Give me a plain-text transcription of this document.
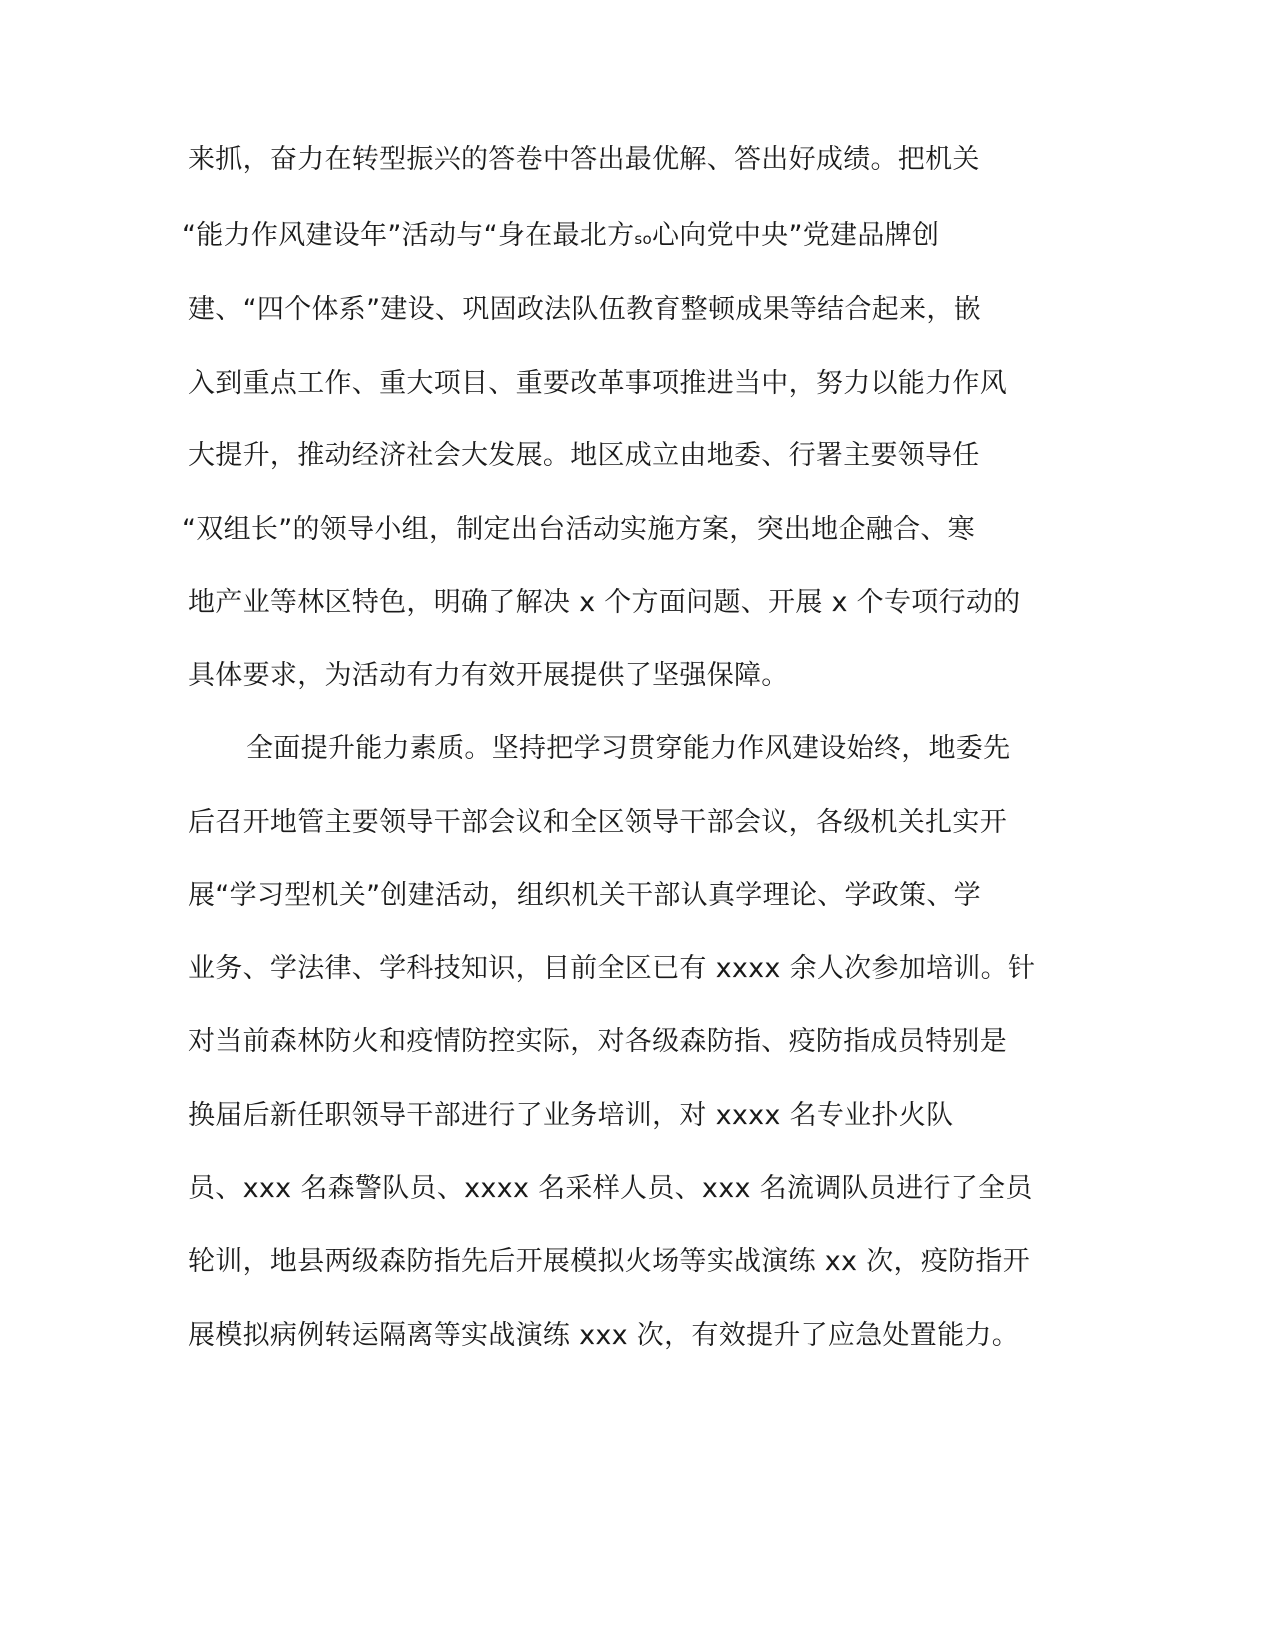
来抓，奋力在转型振兴的答卷中答出最优解、答出好成绩。把机关
“能力作风建设年”活动与“身在最北方so心向党中央”党建品牌创
建、“四个体系”建设、巩固政法队伍教育整顿成果等结合起来，嵌
入到重点工作、重大项目、重要改革事项推进当中，努力以能力作风
大提升，推动经济社会大发展。地区成立由地委、行署主要领导任
“双组长”的领导小组，制定出台活动实施方案，突出地企融合、寒
地产业等林区特色，明确了解决 x 个方面问题、开展 x 个专项行动的
具体要求，为活动有力有效开展提供了坚强保障。
全面提升能力素质。坚持把学习贯穿能力作风建设始终，地委先
后召开地管主要领导干部会议和全区领导干部会议，各级机关扎实开
展“学习型机关”创建活动，组织机关干部认真学理论、学政策、学
业务、学法律、学科技知识，目前全区已有 xxxx 余人次参加培训。针
对当前森林防火和疫情防控实际，对各级森防指、疫防指成员特别是
换届后新任职领导干部进行了业务培训，对 xxxx 名专业扑火队
员、xxx 名森警队员、xxxx 名采样人员、xxx 名流调队员进行了全员
轮训，地县两级森防指先后开展模拟火场等实战演练 xx 次，疫防指开
展模拟病例转运隔离等实战演练 xxx 次，有效提升了应急处置能力。
